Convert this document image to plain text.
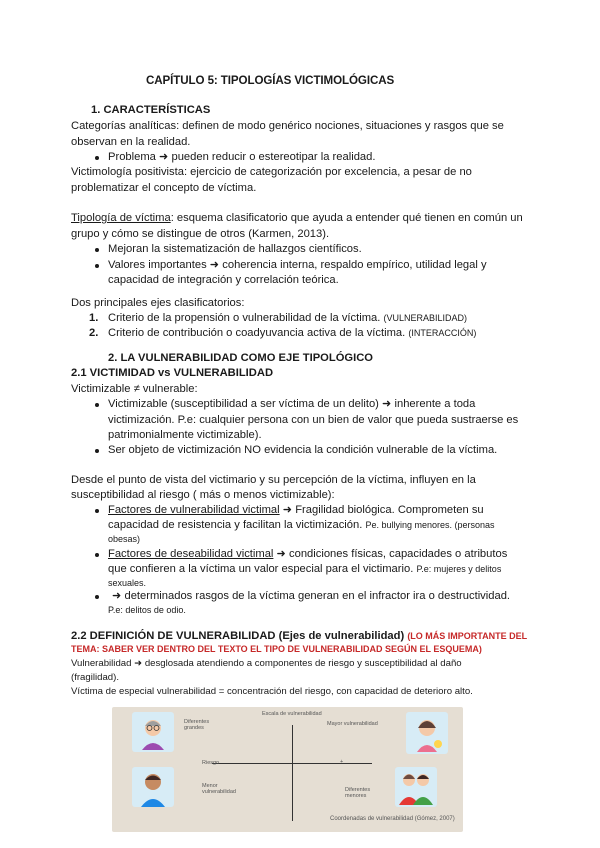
CAPÍTULO 5: TIPOLOGÍAS VICTIMOLÓGICAS
1. CARACTERÍSTICAS
Categorías analíticas: definen de modo genérico nociones, situaciones y rasgos que se
observan en la realidad.
Problema ➜ pueden reducir o estereotipar la realidad.
Victimología positivista: ejercicio de categorización por excelencia, a pesar de no
problematizar el concepto de víctima.
Tipología de víctima: esquema clasificatorio que ayuda a entender qué tienen en común un
grupo y cómo se distingue de otros (Karmen, 2013).
Mejoran la sistematización de hallazgos científicos.
Valores importantes ➜ coherencia interna, respaldo empírico, utilidad legal y
capacidad de integración y correlación teórica.
Dos principales ejes clasificatorios:
1. Criterio de la propensión o vulnerabilidad de la víctima. (VULNERABILIDAD)
2. Criterio de contribución o coadyuvancia activa de la víctima. (INTERACCIÓN)
2. LA VULNERABILIDAD COMO EJE TIPOLÓGICO
2.1 VICTIMIDAD vs VULNERABILIDAD
Victimizable ≠ vulnerable:
Victimizable (susceptibilidad a ser víctima de un delito) ➜ inherente a toda
victimización. P.e: cualquier persona con un bien de valor que pueda sustraerse es
patrimonialmente victimizable).
Ser objeto de victimización NO evidencia la condición vulnerable de la víctima.
Desde el punto de vista del victimario y su percepción de la víctima, influyen en la
susceptibilidad al riesgo ( más o menos victimizable):
Factores de vulnerabilidad victimal ➜ Fragilidad biológica. Comprometen su
capacidad de resistencia y facilitan la victimización. Pe. bullying menores. (personas
obesas)
Factores de deseabilidad victimal ➜ condiciones físicas, capacidades o atributos
que confieren a la víctima un valor especial para el victimario. P.e: mujeres y delitos
sexuales.
➜ determinados rasgos de la víctima generan en el infractor ira o destructividad.
P.e: delitos de odio.
2.2 DEFINICIÓN DE VULNERABILIDAD (Ejes de vulnerabilidad) (LO MÁS IMPORTANTE DEL
TEMA: SABER VER DENTRO DEL TEXTO EL TIPO DE VULNERABILIDAD SEGÚN EL ESQUEMA)
Vulnerabilidad ➜ desglosada atendiendo a componentes de riesgo y susceptibilidad al daño
(fragilidad).
Víctima de especial vulnerabilidad = concentración del riesgo, con capacidad de deterioro alto.
Diferentes
grandes
Escala de vulnerabilidad
Mayor vulnerabilidad
Riesgo	+
Menor
vulnerabilidad	Diferentes
menores
Coordenadas de vulnerabilidad (Gómez, 2007)
